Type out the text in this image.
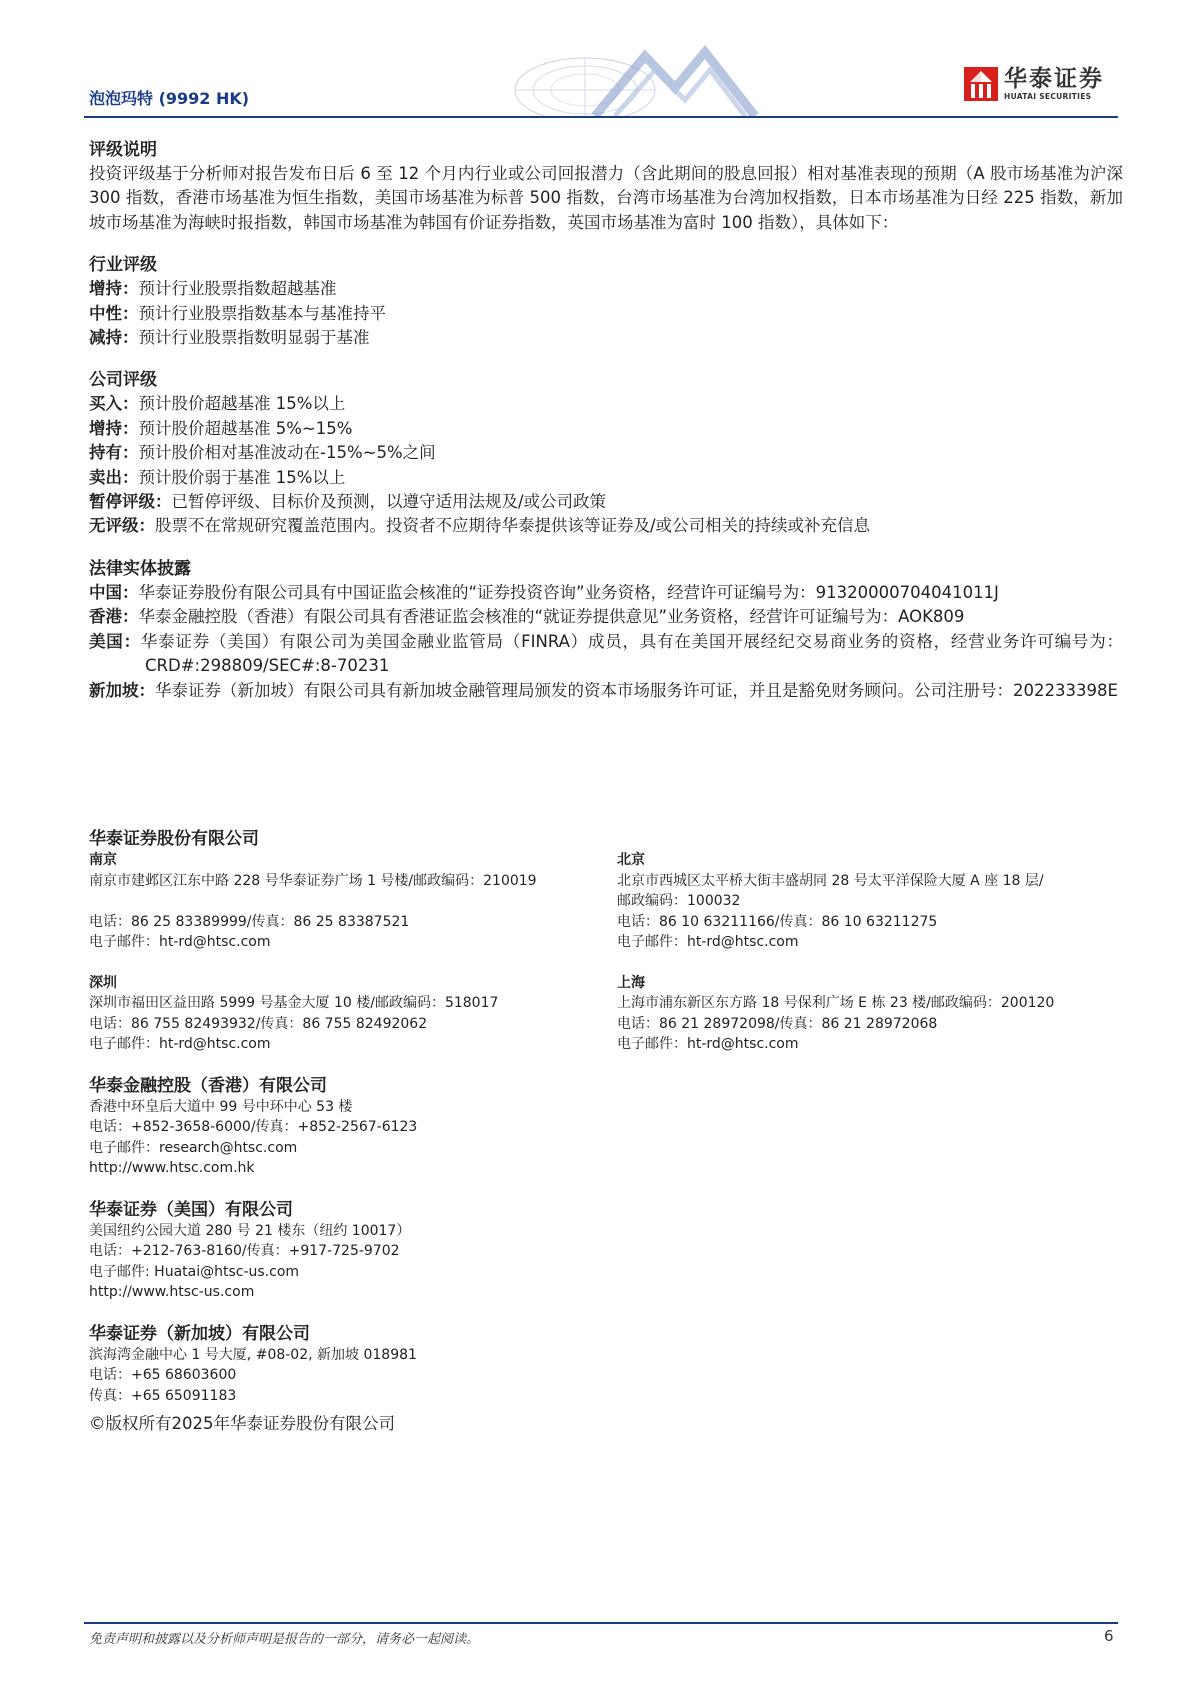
泡泡玛特 (9992 HK)
华泰证券
HUATAI SECURITIES

评级说明

投资评级基于分析师对报告发布日后 6 至 12 个月内行业或公司回报潜力（含此期间的股息回报）相对基准表现的预期（A 股市场基准为沪深 300 指数，香港市场基准为恒生指数，美国市场基准为标普 500 指数，台湾市场基准为台湾加权指数，日本市场基准为日经 225 指数，新加坡市场基准为海峡时报指数，韩国市场基准为韩国有价证券指数，英国市场基准为富时 100 指数），具体如下：

行业评级

增持：预计行业股票指数超越基准

中性：预计行业股票指数基本与基准持平

减持：预计行业股票指数明显弱于基准

公司评级

买入：预计股价超越基准 15%以上

增持：预计股价超越基准 5%~15%

持有：预计股价相对基准波动在-15%~5%之间

卖出：预计股价弱于基准 15%以上

暂停评级：已暂停评级、目标价及预测，以遵守适用法规及/或公司政策

无评级：股票不在常规研究覆盖范围内。投资者不应期待华泰提供该等证券及/或公司相关的持续或补充信息

法律实体披露

中国：华泰证券股份有限公司具有中国证监会核准的“证券投资咨询”业务资格，经营许可证编号为：91320000704041011J

香港：华泰金融控股（香港）有限公司具有香港证监会核准的“就证券提供意见”业务资格，经营许可证编号为：AOK809

美国：华泰证券（美国）有限公司为美国金融业监管局（FINRA）成员，具有在美国开展经纪交易商业务的资格，经营业务许可编号为：CRD#:298809/SEC#:8-70231

新加坡：华泰证券（新加坡）有限公司具有新加坡金融管理局颁发的资本市场服务许可证，并且是豁免财务顾问。公司注册号：202233398E

华泰证券股份有限公司

南京

南京市建邺区江东中路 228 号华泰证券广场 1 号楼/邮政编码：210019

电话：86 25 83389999/传真：86 25 83387521

电子邮件：ht-rd@htsc.com

北京

北京市西城区太平桥大街丰盛胡同 28 号太平洋保险大厦 A 座 18 层/

邮政编码：100032

电话：86 10 63211166/传真：86 10 63211275

电子邮件：ht-rd@htsc.com

深圳

深圳市福田区益田路 5999 号基金大厦 10 楼/邮政编码：518017

电话：86 755 82493932/传真：86 755 82492062

电子邮件：ht-rd@htsc.com

上海

上海市浦东新区东方路 18 号保利广场 E 栋 23 楼/邮政编码：200120

电话：86 21 28972098/传真：86 21 28972068

电子邮件：ht-rd@htsc.com

华泰金融控股（香港）有限公司

香港中环皇后大道中 99 号中环中心 53 楼

电话：+852-3658-6000/传真：+852-2567-6123

电子邮件：research@htsc.com

http://www.htsc.com.hk

华泰证券（美国）有限公司

美国纽约公园大道 280 号 21 楼东（纽约 10017）

电话：+212-763-8160/传真：+917-725-9702

电子邮件: Huatai@htsc-us.com

http://www.htsc-us.com

华泰证券（新加坡）有限公司

滨海湾金融中心 1 号大厦, #08-02, 新加坡 018981

电话：+65 68603600

传真：+65 65091183

©版权所有2025年华泰证券股份有限公司

免责声明和披露以及分析师声明是报告的一部分，请务必一起阅读。	6
